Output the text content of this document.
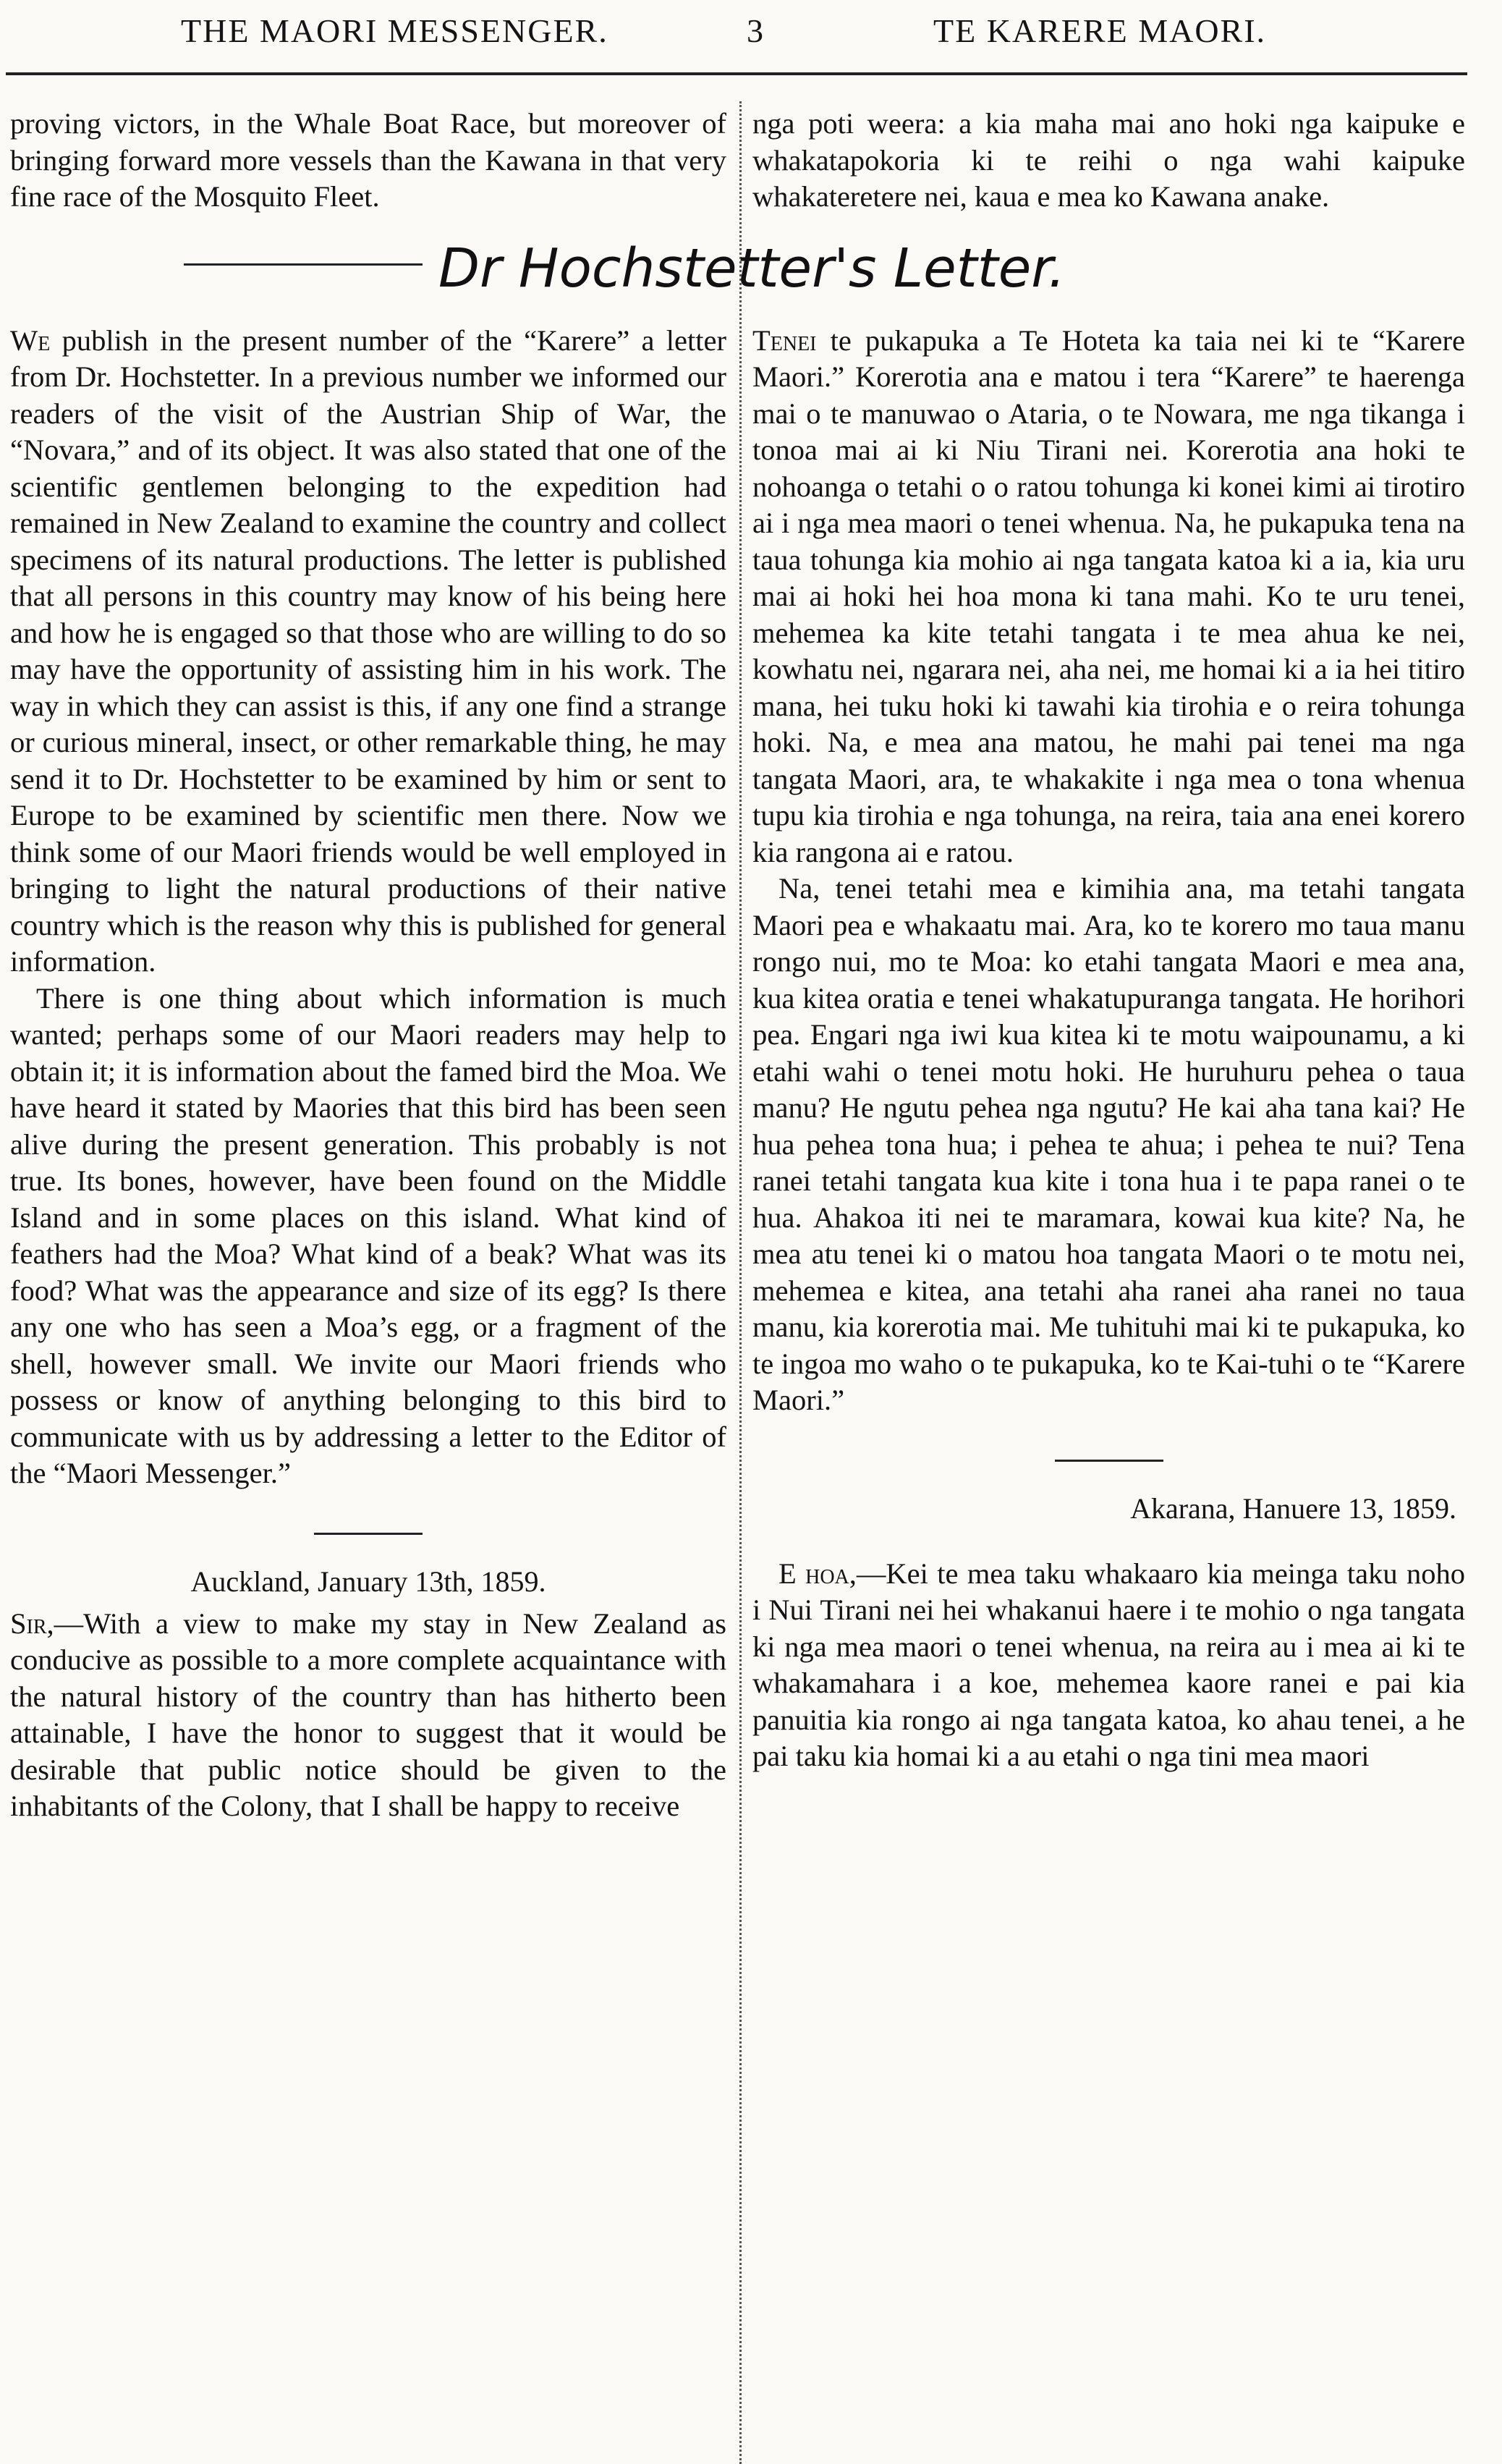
THE MAORI MESSENGER.	3	TE KARERE MAORI.

proving victors, in the Whale Boat Race, but moreover of bringing forward more vessels than the Kawana in that very fine race of the Mosquito Fleet.

Dr Hochstetter's Letter.

We publish in the present number of the “Karere” a letter from Dr. Hochstetter. In a previous number we informed our readers of the visit of the Austrian Ship of War, the “Novara,” and of its object. It was also stated that one of the scientific gentlemen belonging to the expedition had remained in New Zealand to examine the country and collect specimens of its natural productions. The letter is published that all persons in this country may know of his being here and how he is engaged so that those who are willing to do so may have the opportunity of assisting him in his work. The way in which they can assist is this, if any one find a strange or curious mineral, insect, or other remarkable thing, he may send it to Dr. Hochstetter to be examined by him or sent to Europe to be examined by scientific men there. Now we think some of our Maori friends would be well employed in bringing to light the natural productions of their native country which is the reason why this is published for general information.

There is one thing about which information is much wanted; perhaps some of our Maori readers may help to obtain it; it is information about the famed bird the Moa. We have heard it stated by Maories that this bird has been seen alive during the present generation. This probably is not true. Its bones, however, have been found on the Middle Island and in some places on this island. What kind of feathers had the Moa? What kind of a beak? What was its food? What was the appearance and size of its egg? Is there any one who has seen a Moa’s egg, or a fragment of the shell, however small. We invite our Maori friends who possess or know of anything belonging to this bird to communicate with us by addressing a letter to the Editor of the “Maori Messenger.”

Auckland, January 13th, 1859.

Sir,—With a view to make my stay in New Zealand as conducive as possible to a more complete acquaintance with the natural history of the country than has hitherto been attainable, I have the honor to suggest that it would be desirable that public notice should be given to the inhabitants of the Colony, that I shall be happy to receive

nga poti weera: a kia maha mai ano hoki nga kaipuke e whakatapokoria ki te reihi o nga wahi kaipuke whakateretere nei, kaua e mea ko Kawana anake.

Tenei te pukapuka a Te Hoteta ka taia nei ki te “Karere Maori.” Korerotia ana e matou i tera “Karere” te haerenga mai o te manuwao o Ataria, o te Nowara, me nga tikanga i tonoa mai ai ki Niu Tirani nei. Korerotia ana hoki te nohoanga o tetahi o o ratou tohunga ki konei kimi ai tirotiro ai i nga mea maori o tenei whenua. Na, he pukapuka tena na taua tohunga kia mohio ai nga tangata katoa ki a ia, kia uru mai ai hoki hei hoa mona ki tana mahi. Ko te uru tenei, mehemea ka kite tetahi tangata i te mea ahua ke nei, kowhatu nei, ngarara nei, aha nei, me homai ki a ia hei titiro mana, hei tuku hoki ki tawahi kia tirohia e o reira tohunga hoki. Na, e mea ana matou, he mahi pai tenei ma nga tangata Maori, ara, te whakakite i nga mea o tona whenua tupu kia tirohia e nga tohunga, na reira, taia ana enei korero kia rangona ai e ratou.

Na, tenei tetahi mea e kimihia ana, ma tetahi tangata Maori pea e whakaatu mai. Ara, ko te korero mo taua manu rongo nui, mo te Moa: ko etahi tangata Maori e mea ana, kua kitea oratia e tenei whakatupuranga tangata. He horihori pea. Engari nga iwi kua kitea ki te motu waipounamu, a ki etahi wahi o tenei motu hoki. He huruhuru pehea o taua manu? He ngutu pehea nga ngutu? He kai aha tana kai? He hua pehea tona hua; i pehea te ahua; i pehea te nui? Tena ranei tetahi tangata kua kite i tona hua i te papa ranei o te hua. Ahakoa iti nei te maramara, kowai kua kite? Na, he mea atu tenei ki o matou hoa tangata Maori o te motu nei, mehemea e kitea, ana tetahi aha ranei aha ranei no taua manu, kia korerotia mai. Me tuhituhi mai ki te pukapuka, ko te ingoa mo waho o te pukapuka, ko te Kai-tuhi o te “Karere Maori.”

Akarana, Hanuere 13, 1859.

E hoa,—Kei te mea taku whakaaro kia meinga taku noho i Nui Tirani nei hei whakanui haere i te mohio o nga tangata ki nga mea maori o tenei whenua, na reira au i mea ai ki te whakamahara i a koe, mehemea kaore ranei e pai kia panuitia kia rongo ai nga tangata katoa, ko ahau tenei, a he pai taku kia homai ki a au etahi o nga tini mea maori
